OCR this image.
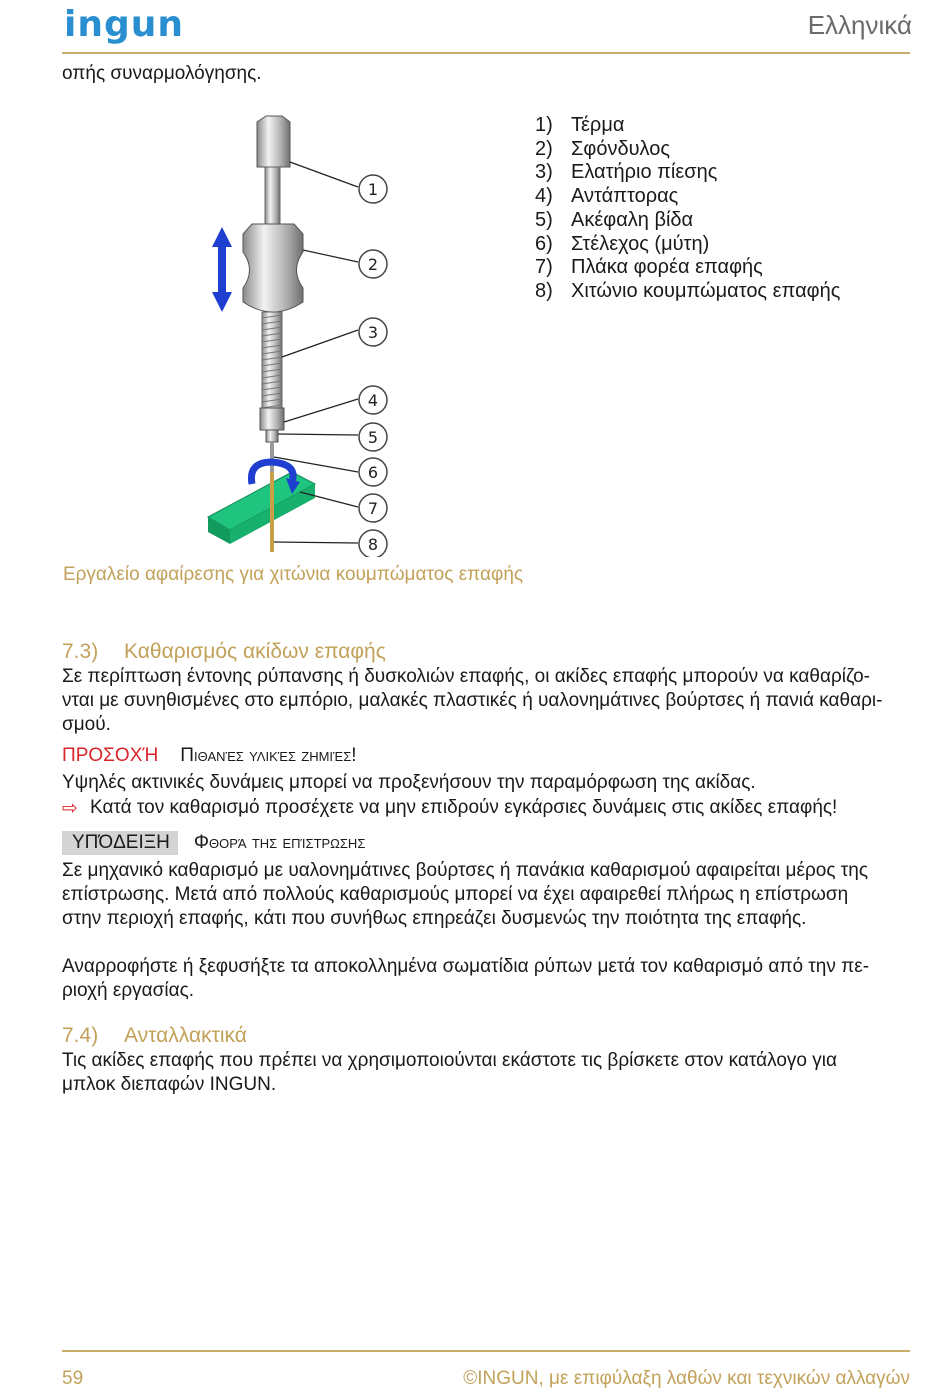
ingun	Ελληνικά
οπής συναρμολόγησης.
1
2
3
4
5
6
7
8
1) Τέρμα
2) Σφόνδυλος
3) Ελατήριο πίεσης
4) Αντάπτορας
5) Ακέφαλη βίδα
6) Στέλεχος (μύτη)
7) Πλάκα φορέα επαφής
8) Χιτώνιο κουμπώματος επαφής
Εργαλείο αφαίρεσης για χιτώνια κουμπώματος επαφής
7.3) Καθαρισμός ακίδων επαφής
Σε περίπτωση έντονης ρύπανσης ή δυσκολιών επαφής, οι ακίδες επαφής μπορούν να καθαρίζο-
νται με συνηθισμένες στο εμπόριο, μαλακές πλαστικές ή υαλονημάτινες βούρτσες ή πανιά καθαρι-
σμού.
ΠΡΟΣΟΧΉ Πιθανές υλικές ζημιές!
Υψηλές ακτινικές δυνάμεις μπορεί να προξενήσουν την παραμόρφωση της ακίδας.
⇨ Κατά τον καθαρισμό προσέχετε να μην επιδρούν εγκάρσιες δυνάμεις στις ακίδες επαφής!
ΥΠΌΔΕΙΞΗ	Φθορά της επίστρωσης
Σε μηχανικό καθαρισμό με υαλονημάτινες βούρτσες ή πανάκια καθαρισμού αφαιρείται μέρος της
επίστρωσης. Μετά από πολλούς καθαρισμούς μπορεί να έχει αφαιρεθεί πλήρως η επίστρωση
στην περιοχή επαφής, κάτι που συνήθως επηρεάζει δυσμενώς την ποιότητα της επαφής.
Αναρροφήστε ή ξεφυσήξτε τα αποκολλημένα σωματίδια ρύπων μετά τον καθαρισμό από την πε-
ριοχή εργασίας.
7.4) Ανταλλακτικά
Τις ακίδες επαφής που πρέπει να χρησιμοποιούνται εκάστοτε τις βρίσκετε στον κατάλογο για
μπλοκ διεπαφών INGUN.
59	©INGUN, με επιφύλαξη λαθών και τεχνικών αλλαγών
